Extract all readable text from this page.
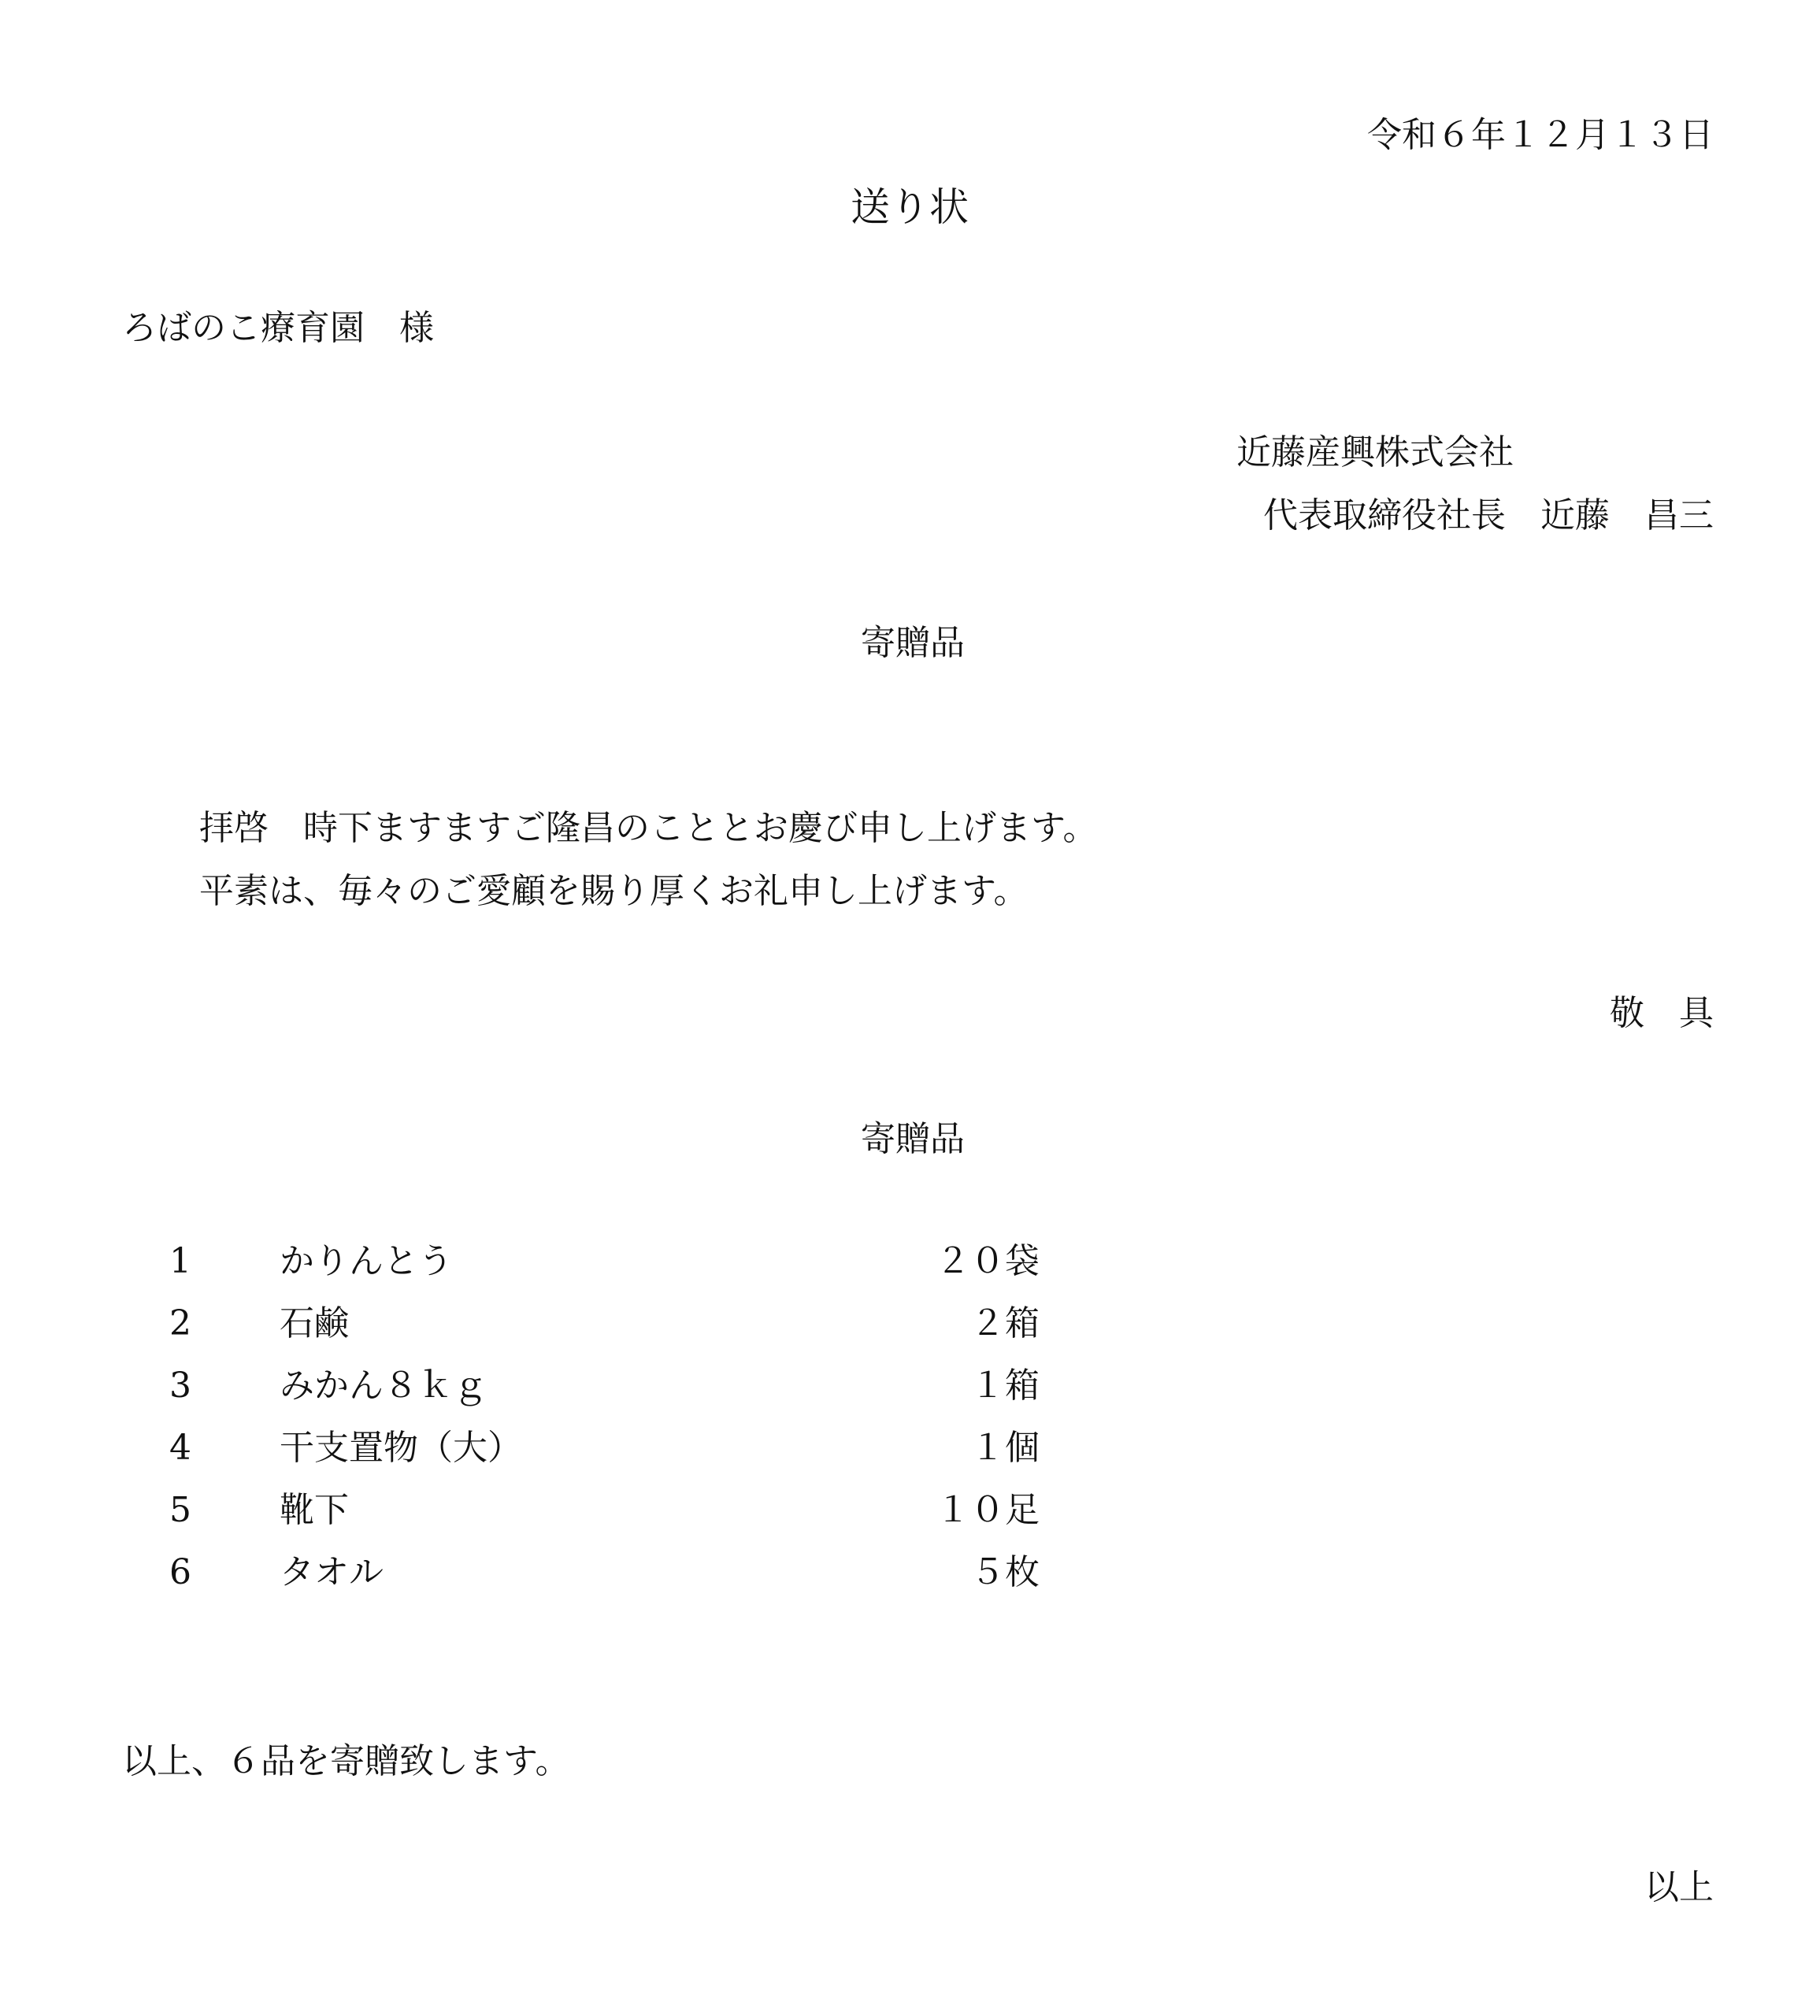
令和６年１２月１３日
送り状
ろばのこ療育園　様
近藤産興株式会社
代表取締役社長　近藤　昌三
寄贈品
拝啓　時下ますますご隆昌のこととお慶び申し上げます。
平素は、毎々のご愛顧を賜り厚くお礼申し上げます。
敬　具
寄贈品
1	かりんとう	２０袋
2	石鹸	２箱
3	みかん８ｋｇ	１箱
4	干支置物（大）	１個
5	靴下	１０足
6	タオル	５枚
以上、６品を寄贈致します。
以上
